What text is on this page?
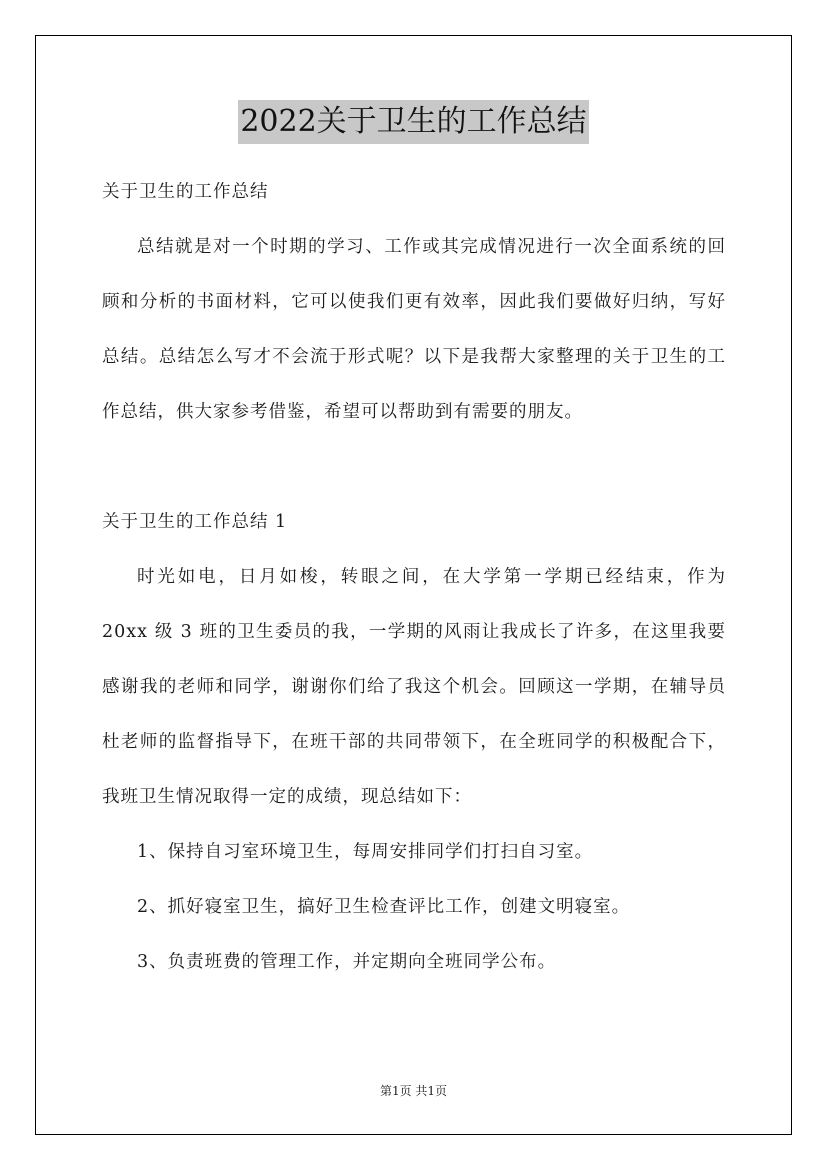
2022关于卫生的工作总结

关于卫生的工作总结

总结就是对一个时期的学习、工作或其完成情况进行一次全面系统的回顾和分析的书面材料，它可以使我们更有效率，因此我们要做好归纳，写好总结。总结怎么写才不会流于形式呢？以下是我帮大家整理的关于卫生的工作总结，供大家参考借鉴，希望可以帮助到有需要的朋友。

关于卫生的工作总结 1

时光如电，日月如梭，转眼之间，在大学第一学期已经结束，作为 20xx 级 3 班的卫生委员的我，一学期的风雨让我成长了许多，在这里我要感谢我的老师和同学，谢谢你们给了我这个机会。回顾这一学期，在辅导员杜老师的监督指导下，在班干部的共同带领下，在全班同学的积极配合下，我班卫生情况取得一定的成绩，现总结如下：

1、保持自习室环境卫生，每周安排同学们打扫自习室。

2、抓好寝室卫生，搞好卫生检查评比工作，创建文明寝室。

3、负责班费的管理工作，并定期向全班同学公布。

第1页 共1页
